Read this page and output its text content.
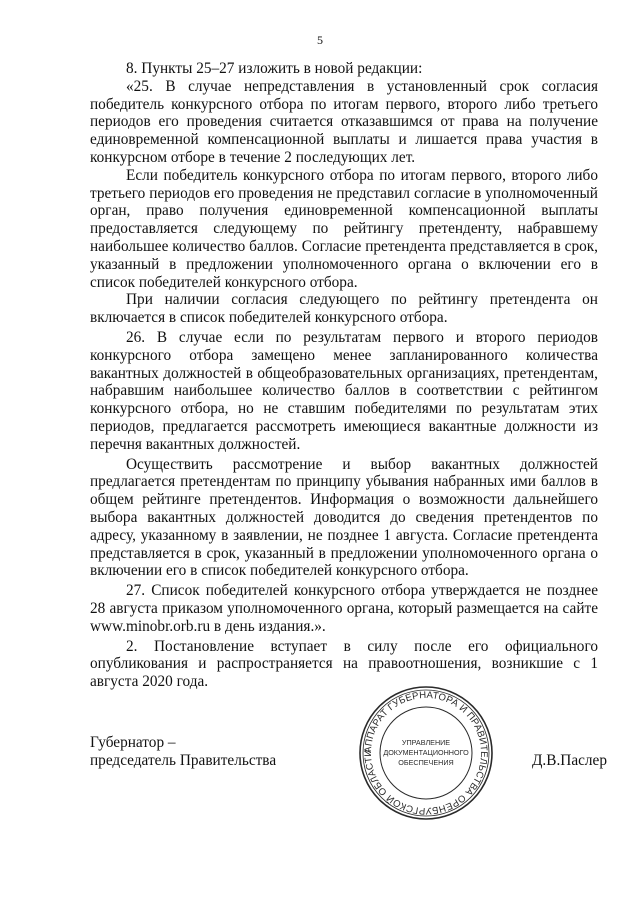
5

8. Пункты 25–27 изложить в новой редакции:

«25. В случае непредставления в установленный срок согласия победитель конкурсного отбора по итогам первого, второго либо третьего периодов его проведения считается отказавшимся от права на получение единовременной компенсационной выплаты и лишается права участия в конкурсном отборе в течение 2 последующих лет.

Если победитель конкурсного отбора по итогам первого, второго либо третьего периодов его проведения не представил согласие в уполномоченный орган, право получения единовременной компенсационной выплаты предоставляется следующему по рейтингу претенденту, набравшему наибольшее количество баллов. Согласие претендента представляется в срок, указанный в предложении уполномоченного органа о включении его в список победителей конкурсного отбора.

При наличии согласия следующего по рейтингу претендента он включается в список победителей конкурсного отбора.

26. В случае если по результатам первого и второго периодов конкурсного отбора замещено менее запланированного количества вакантных должностей в общеобразовательных организациях, претендентам, набравшим наибольшее количество баллов в соответствии с рейтингом конкурсного отбора, но не ставшим победителями по результатам этих периодов, предлагается рассмотреть имеющиеся вакантные должности из перечня вакантных должностей.

Осуществить рассмотрение и выбор вакантных должностей предлагается претендентам по принципу убывания набранных ими баллов в общем рейтинге претендентов. Информация о возможности дальнейшего выбора вакантных должностей доводится до сведения претендентов по адресу, указанному в заявлении, не позднее 1 августа. Согласие претендента представляется в срок, указанный в предложении уполномоченного органа о включении его в список победителей конкурсного отбора.

27. Список победителей конкурсного отбора утверждается не позднее 28 августа приказом уполномоченного органа, который размещается на сайте www.minobr.orb.ru в день издания.».

2. Постановление вступает в силу после его официального опубликования и распространяется на правоотношения, возникшие с 1 августа 2020 года.

Губернатор –
председатель Правительства
АППАРАТ ГУБЕРНАТОРА И ПРАВИТЕЛЬСТВА ОРЕНБУРГСКОЙ ОБЛАСТИ
УПРАВЛЕНИЕ
ДОКУМЕНТАЦИОННОГО
ОБЕСПЕЧЕНИЯ	Д.В.Паслер
